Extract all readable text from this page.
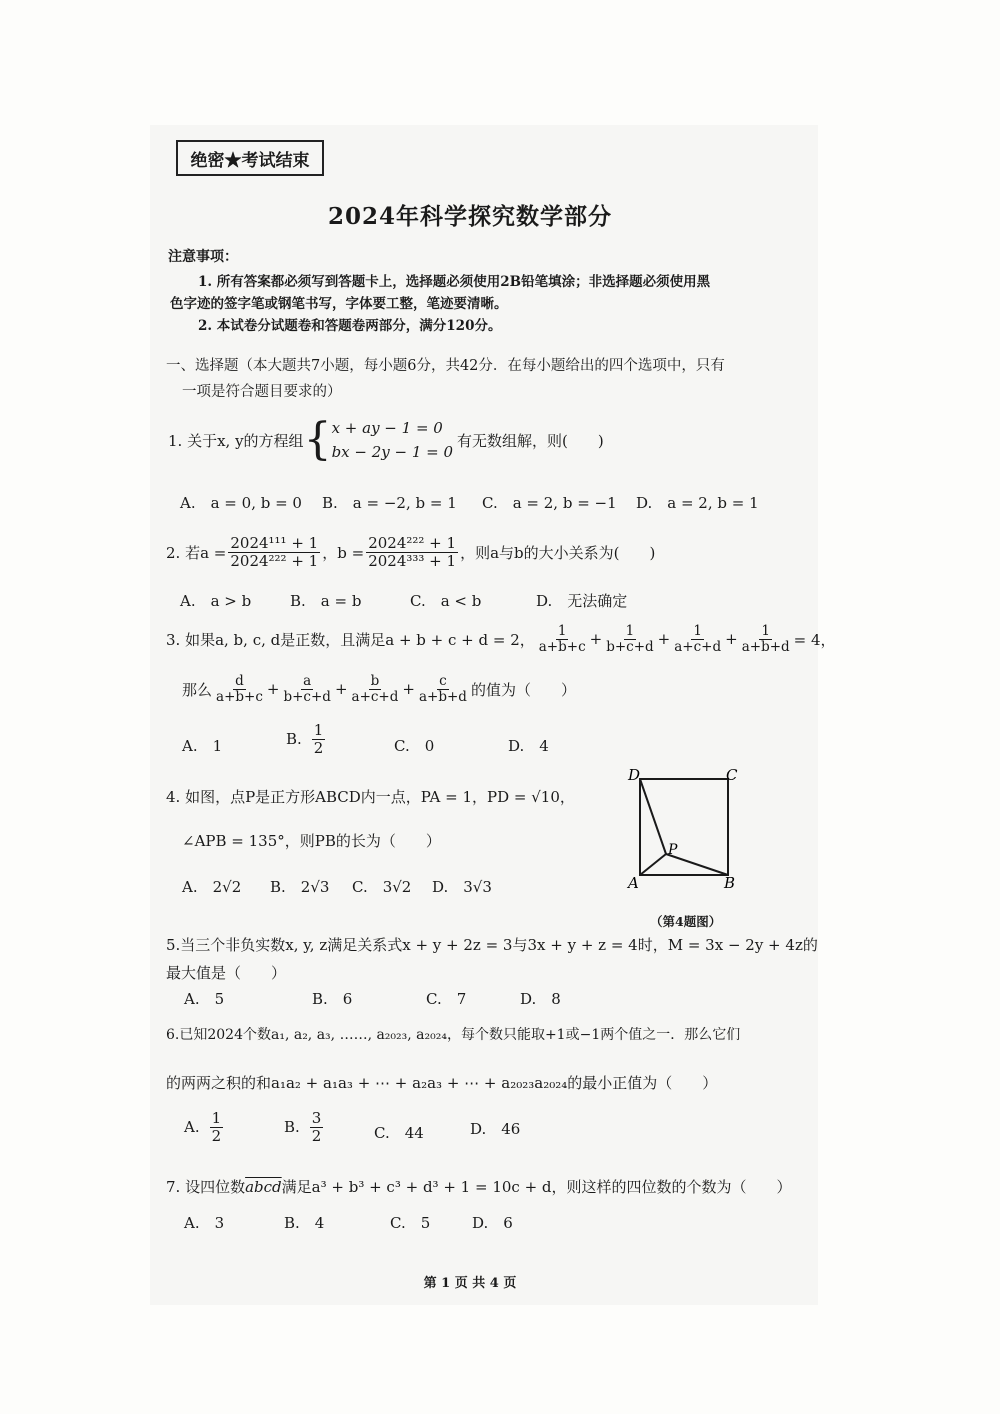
绝密★考试结束
2024年科学探究数学部分
注意事项：
1. 所有答案都必须写到答题卡上，选择题必须使用2B铅笔填涂；非选择题必须使用黑
色字迹的签字笔或钢笔书写，字体要工整，笔迹要清晰。
2. 本试卷分试题卷和答题卷两部分，满分120分。
一、选择题（本大题共7小题，每小题6分，共42分．在每小题给出的四个选项中，只有
一项是符合题目要求的）
1. 关于x, y的方程组 { x + ay − 1 = 0
bx − 2y − 1 = 0
有无数组解，则(　　)
A.　a = 0, b = 0 B.　a = −2, b = 1 C.　a = 2, b = −1 D.　a = 2, b = 1
2. 若$a = \frac{\text{2024¹¹¹ + 1}}{\text{2024²²² + 1}}$ ，$b = \frac{\text{2024²²² + 1}}{\text{2024³³³ + 1}}$ ，则a与b的大小关系为(　　)
A.　a > b	B.　a = b	C.　a < b	D.　无法确定
3. 如果a, b, c, d是正数，且满足a + b + c + d = 2， $\frac{1}{a+b+c} + \frac{1}{b+c+d} + \frac{1}{a+c+d} + \frac{1}{a+b+d} = 4$，
那么 $\frac{d}{a+b+c} + \frac{a}{b+c+d} + \frac{b}{a+c+d} + \frac{c}{a+b+d}$ 的值为（　　）
A.　1	B. $\frac{1}{2}$	C.　0	D.　4
4. 如图，点P是正方形ABCD内一点，PA = 1，PD = √10，
∠APB = 135°，则PB的长为（　　）
A.　2√2 B.　2√3 C.　3√2 D.　3√3
D	C
P
A	B
（第4题图）
5.当三个非负实数x, y, z满足关系式x + y + 2z = 3与3x + y + z = 4时，M = 3x − 2y + 4z的
最大值是（　　）
A.　5	B.　6	C.　7	D.　8
6.已知2024个数a₁, a₂, a₃, ……, a₂₀₂₃, a₂₀₂₄，每个数只能取+1或−1两个值之一．那么它们
的两两之积的和a₁a₂ + a₁a₃ + ⋯ + a₂a₃ + ⋯ + a₂₀₂₃a₂₀₂₄的最小正值为（　　）
A. $\frac{1}{2}$	B. $\frac{3}{2}$	C.　44	D.　46
7. 设四位数abcd满足a³ + b³ + c³ + d³ + 1 = 10c + d，则这样的四位数的个数为（　　）
A.　3	B.　4	C.　5	D.　6
第 1 页 共 4 页
